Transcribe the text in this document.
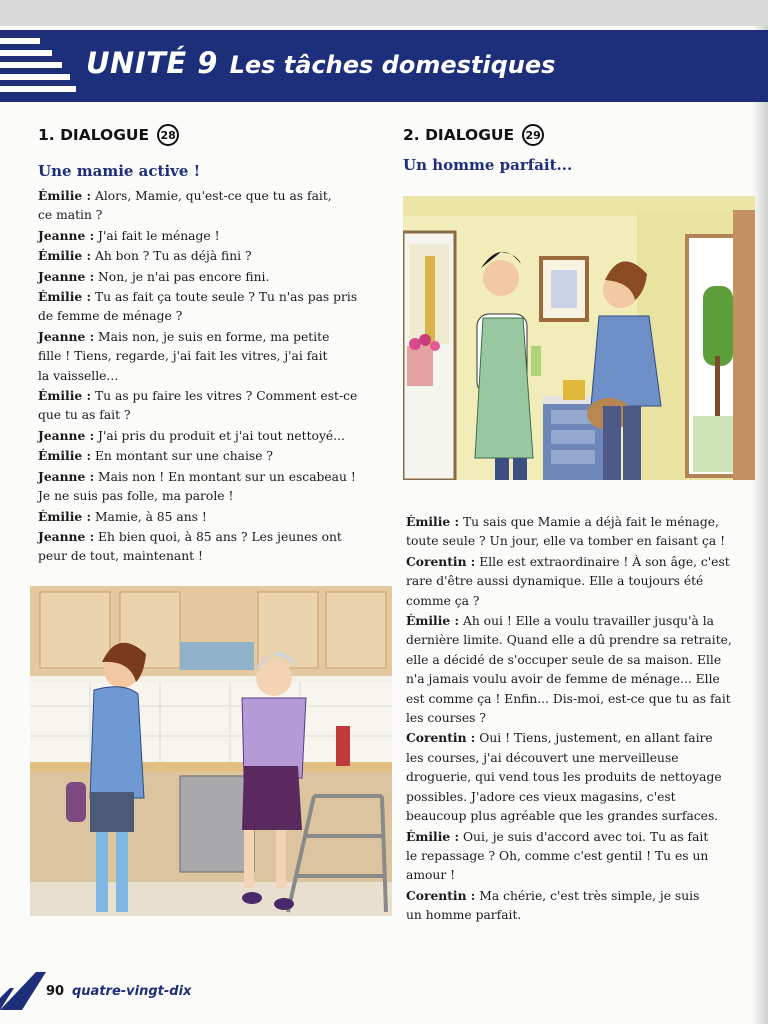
UNITÉ 9 Les tâches domestiques
1. DIALOGUE	28
Une mamie active !

Émilie : Alors, Mamie, qu'est-ce que tu as fait,

ce matin ?

Jeanne : J'ai fait le ménage !

Émilie : Ah bon ? Tu as déjà fini ?

Jeanne : Non, je n'ai pas encore fini.

Émilie : Tu as fait ça toute seule ? Tu n'as pas pris

de femme de ménage ?

Jeanne : Mais non, je suis en forme, ma petite

fille ! Tiens, regarde, j'ai fait les vitres, j'ai fait

la vaisselle...

Émilie : Tu as pu faire les vitres ? Comment est-ce

que tu as fait ?

Jeanne : J'ai pris du produit et j'ai tout nettoyé...

Émilie : En montant sur une chaise ?

Jeanne : Mais non ! En montant sur un escabeau !

Je ne suis pas folle, ma parole !

Émilie : Mamie, à 85 ans !

Jeanne : Eh bien quoi, à 85 ans ? Les jeunes ont

peur de tout, maintenant !

2. DIALOGUE	29
Un homme parfait...

Émilie : Tu sais que Mamie a déjà fait le ménage,

toute seule ? Un jour, elle va tomber en faisant ça !

Corentin : Elle est extraordinaire ! À son âge, c'est

rare d'être aussi dynamique. Elle a toujours été

comme ça ?

Émilie : Ah oui ! Elle a voulu travailler jusqu'à la

dernière limite. Quand elle a dû prendre sa retraite,

elle a décidé de s'occuper seule de sa maison. Elle

n'a jamais voulu avoir de femme de ménage... Elle

est comme ça ! Enfin... Dis-moi, est-ce que tu as fait

les courses ?

Corentin : Oui ! Tiens, justement, en allant faire

les courses, j'ai découvert une merveilleuse

droguerie, qui vend tous les produits de nettoyage

possibles. J'adore ces vieux magasins, c'est

beaucoup plus agréable que les grandes surfaces.

Émilie : Oui, je suis d'accord avec toi. Tu as fait

le repassage ? Oh, comme c'est gentil ! Tu es un

amour !

Corentin : Ma chérie, c'est très simple, je suis

un homme parfait.

90 quatre-vingt-dix
